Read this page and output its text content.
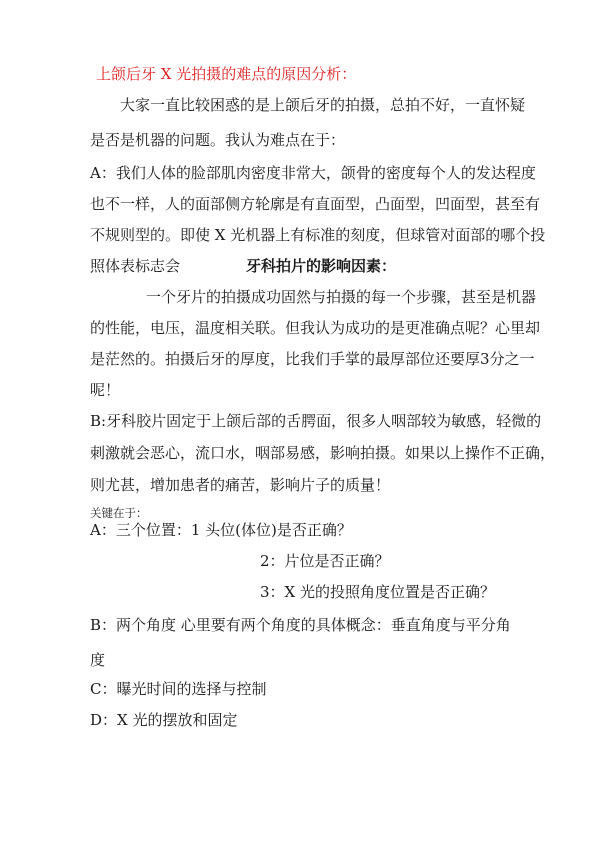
上颌后牙 X 光拍摄的难点的原因分析：
大家一直比较困惑的是上颌后牙的拍摄，总拍不好，一直怀疑
是否是机器的问题。我认为难点在于：
A：我们人体的脸部肌肉密度非常大，颌骨的密度每个人的发达程度
也不一样，人的面部侧方轮廓是有直面型，凸面型，凹面型，甚至有
不规则型的。即使 X 光机器上有标准的刻度，但球管对面部的哪个投
照体表标志会	牙科拍片的影响因素：
一个牙片的拍摄成功固然与拍摄的每一个步骤，甚至是机器
的性能，电压，温度相关联。但我认为成功的是更准确点呢？心里却
是茫然的。拍摄后牙的厚度，比我们手掌的最厚部位还要厚3分之一
呢！
B:牙科胶片固定于上颌后部的舌腭面，很多人咽部较为敏感，轻微的
刺激就会恶心，流口水，咽部易感，影响拍摄。如果以上操作不正确，
则尤甚，增加患者的痛苦，影响片子的质量！
关键在于：
A：三个位置：1 头位(体位)是否正确？
2：片位是否正确？
3：X 光的投照角度位置是否正确？
B：两个角度 心里要有两个角度的具体概念：垂直角度与平分角
度
C：曝光时间的选择与控制
D：X 光的摆放和固定
